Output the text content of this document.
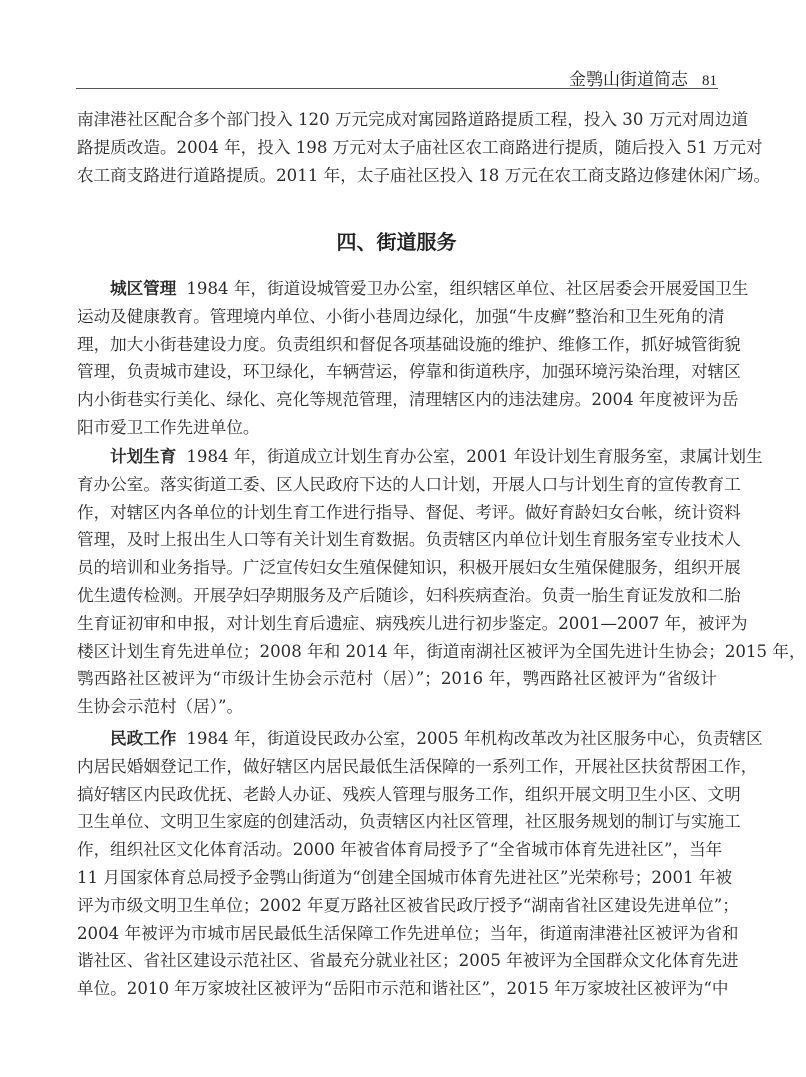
金鹗山街道简志 81
南津港社区配合多个部门投入 120 万元完成对寓园路道路提质工程，投入 30 万元对周边道
路提质改造。2004 年，投入 198 万元对太子庙社区农工商路进行提质，随后投入 51 万元对
农工商支路进行道路提质。2011 年，太子庙社区投入 18 万元在农工商支路边修建休闲广场。
四、街道服务
城区管理 1984 年，街道设城管爱卫办公室，组织辖区单位、社区居委会开展爱国卫生
运动及健康教育。管理境内单位、小街小巷周边绿化，加强“牛皮癣”整治和卫生死角的清
理，加大小街巷建设力度。负责组织和督促各项基础设施的维护、维修工作，抓好城管街貌
管理，负责城市建设，环卫绿化，车辆营运，停靠和街道秩序，加强环境污染治理，对辖区
内小街巷实行美化、绿化、亮化等规范管理，清理辖区内的违法建房。2004 年度被评为岳
阳市爱卫工作先进单位。
计划生育 1984 年，街道成立计划生育办公室，2001 年设计划生育服务室，隶属计划生
育办公室。落实街道工委、区人民政府下达的人口计划，开展人口与计划生育的宣传教育工
作，对辖区内各单位的计划生育工作进行指导、督促、考评。做好育龄妇女台帐，统计资料
管理，及时上报出生人口等有关计划生育数据。负责辖区内单位计划生育服务室专业技术人
员的培训和业务指导。广泛宣传妇女生殖保健知识，积极开展妇女生殖保健服务，组织开展
优生遗传检测。开展孕妇孕期服务及产后随诊，妇科疾病查治。负责一胎生育证发放和二胎
生育证初审和申报，对计划生育后遗症、病残疾儿进行初步鉴定。2001—2007 年，被评为
楼区计划生育先进单位；2008 年和 2014 年，街道南湖社区被评为全国先进计生协会；2015 年，
鹗西路社区被评为“市级计生协会示范村（居）”；2016 年，鹗西路社区被评为“省级计
生协会示范村（居）”。
民政工作 1984 年，街道设民政办公室，2005 年机构改革改为社区服务中心，负责辖区
内居民婚姻登记工作，做好辖区内居民最低生活保障的一系列工作，开展社区扶贫帮困工作，
搞好辖区内民政优抚、老龄人办证、残疾人管理与服务工作，组织开展文明卫生小区、文明
卫生单位、文明卫生家庭的创建活动，负责辖区内社区管理，社区服务规划的制订与实施工
作，组织社区文化体育活动。2000 年被省体育局授予了“全省城市体育先进社区”，当年
11 月国家体育总局授予金鹗山街道为“创建全国城市体育先进社区”光荣称号；2001 年被
评为市级文明卫生单位；2002 年夏万路社区被省民政厅授予“湖南省社区建设先进单位”；
2004 年被评为市城市居民最低生活保障工作先进单位；当年，街道南津港社区被评为省和
谐社区、省社区建设示范社区、省最充分就业社区；2005 年被评为全国群众文化体育先进
单位。2010 年万家坡社区被评为“岳阳市示范和谐社区”，2015 年万家坡社区被评为“中
